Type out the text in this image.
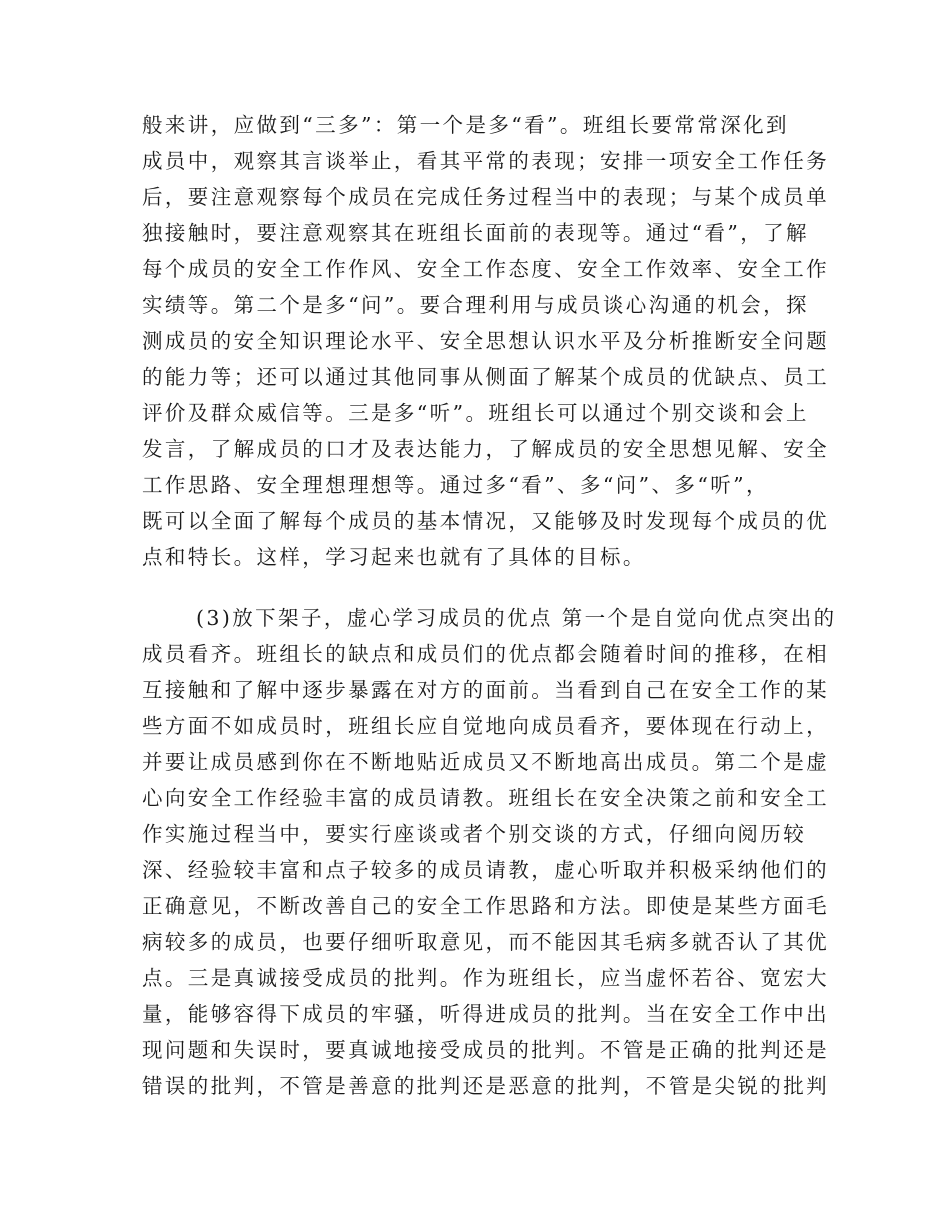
般来讲，应做到“三多”：第一个是多“看”。班组长要常常深化到
成员中，观察其言谈举止，看其平常的表现；安排一项安全工作任务
后，要注意观察每个成员在完成任务过程当中的表现；与某个成员单
独接触时，要注意观察其在班组长面前的表现等。通过“看”，了解
每个成员的安全工作作风、安全工作态度、安全工作效率、安全工作
实绩等。第二个是多“问”。要合理利用与成员谈心沟通的机会，探
测成员的安全知识理论水平、安全思想认识水平及分析推断安全问题
的能力等；还可以通过其他同事从侧面了解某个成员的优缺点、员工
评价及群众威信等。三是多“听”。班组长可以通过个别交谈和会上
发言，了解成员的口才及表达能力，了解成员的安全思想见解、安全
工作思路、安全理想理想等。通过多“看”、多“问”、多“听”，
既可以全面了解每个成员的基本情况，又能够及时发现每个成员的优
点和特长。这样，学习起来也就有了具体的目标。
(3)放下架子，虚心学习成员的优点 第一个是自觉向优点突出的
成员看齐。班组长的缺点和成员们的优点都会随着时间的推移，在相
互接触和了解中逐步暴露在对方的面前。当看到自己在安全工作的某
些方面不如成员时，班组长应自觉地向成员看齐，要体现在行动上，
并要让成员感到你在不断地贴近成员又不断地高出成员。第二个是虚
心向安全工作经验丰富的成员请教。班组长在安全决策之前和安全工
作实施过程当中，要实行座谈或者个别交谈的方式，仔细向阅历较
深、经验较丰富和点子较多的成员请教，虚心听取并积极采纳他们的
正确意见，不断改善自己的安全工作思路和方法。即使是某些方面毛
病较多的成员，也要仔细听取意见，而不能因其毛病多就否认了其优
点。三是真诚接受成员的批判。作为班组长，应当虚怀若谷、宽宏大
量，能够容得下成员的牢骚，听得进成员的批判。当在安全工作中出
现问题和失误时，要真诚地接受成员的批判。不管是正确的批判还是
错误的批判，不管是善意的批判还是恶意的批判，不管是尖锐的批判
